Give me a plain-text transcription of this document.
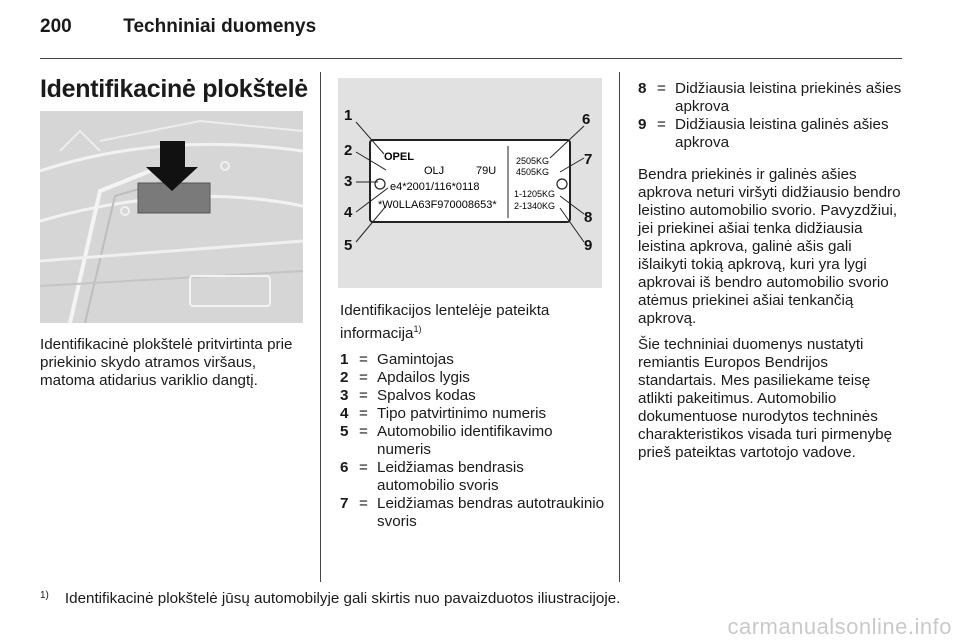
200	Techniniai duomenys
Identifikacinė plokštelė
Identifikacinė plokštelė pritvirtinta prie priekinio skydo atramos viršaus, matoma atidarius variklio dangtį.
OPEL
OLJ	79U
e4*2001/116*0118
*W0LLA63F970008653*
2505KG
4505KG
1-1205KG
2-1340KG
1
2
3
4
5
6
7
8
9

Identifikacijos lentelėje pateikta informacija$^{1)}$

1 = Gamintojas
2 = Apdailos lygis
3 = Spalvos kodas
4 = Tipo patvirtinimo numeris
5 = Automobilio identifikavimo numeris
6 = Leidžiamas bendrasis automobilio svoris
7 = Leidžiamas bendras autotraukinio svoris
8 = Didžiausia leistina priekinės ašies apkrova
9 = Didžiausia leistina galinės ašies apkrova

Bendra priekinės ir galinės ašies apkrova neturi viršyti didžiausio bendro leistino automobilio svorio. Pavyzdžiui, jei priekinei ašiai tenka didžiausia leistina apkrova, galinė ašis gali išlaikyti tokią apkrovą, kuri yra lygi apkrovai iš bendro automobilio svorio atėmus priekinei ašiai tenkančią apkrovą.

Šie techniniai duomenys nustatyti remiantis Europos Bendrijos standartais. Mes pasiliekame teisę atlikti pakeitimus. Automobilio dokumentuose nurodytos techninės charakteristikos visada turi pirmenybę prieš pateiktas vartotojo vadove.

$^{1)}$ Identifikacinė plokštelė jūsų automobilyje gali skirtis nuo pavaizduotos iliustracijoje.
carmanualsonline.info
